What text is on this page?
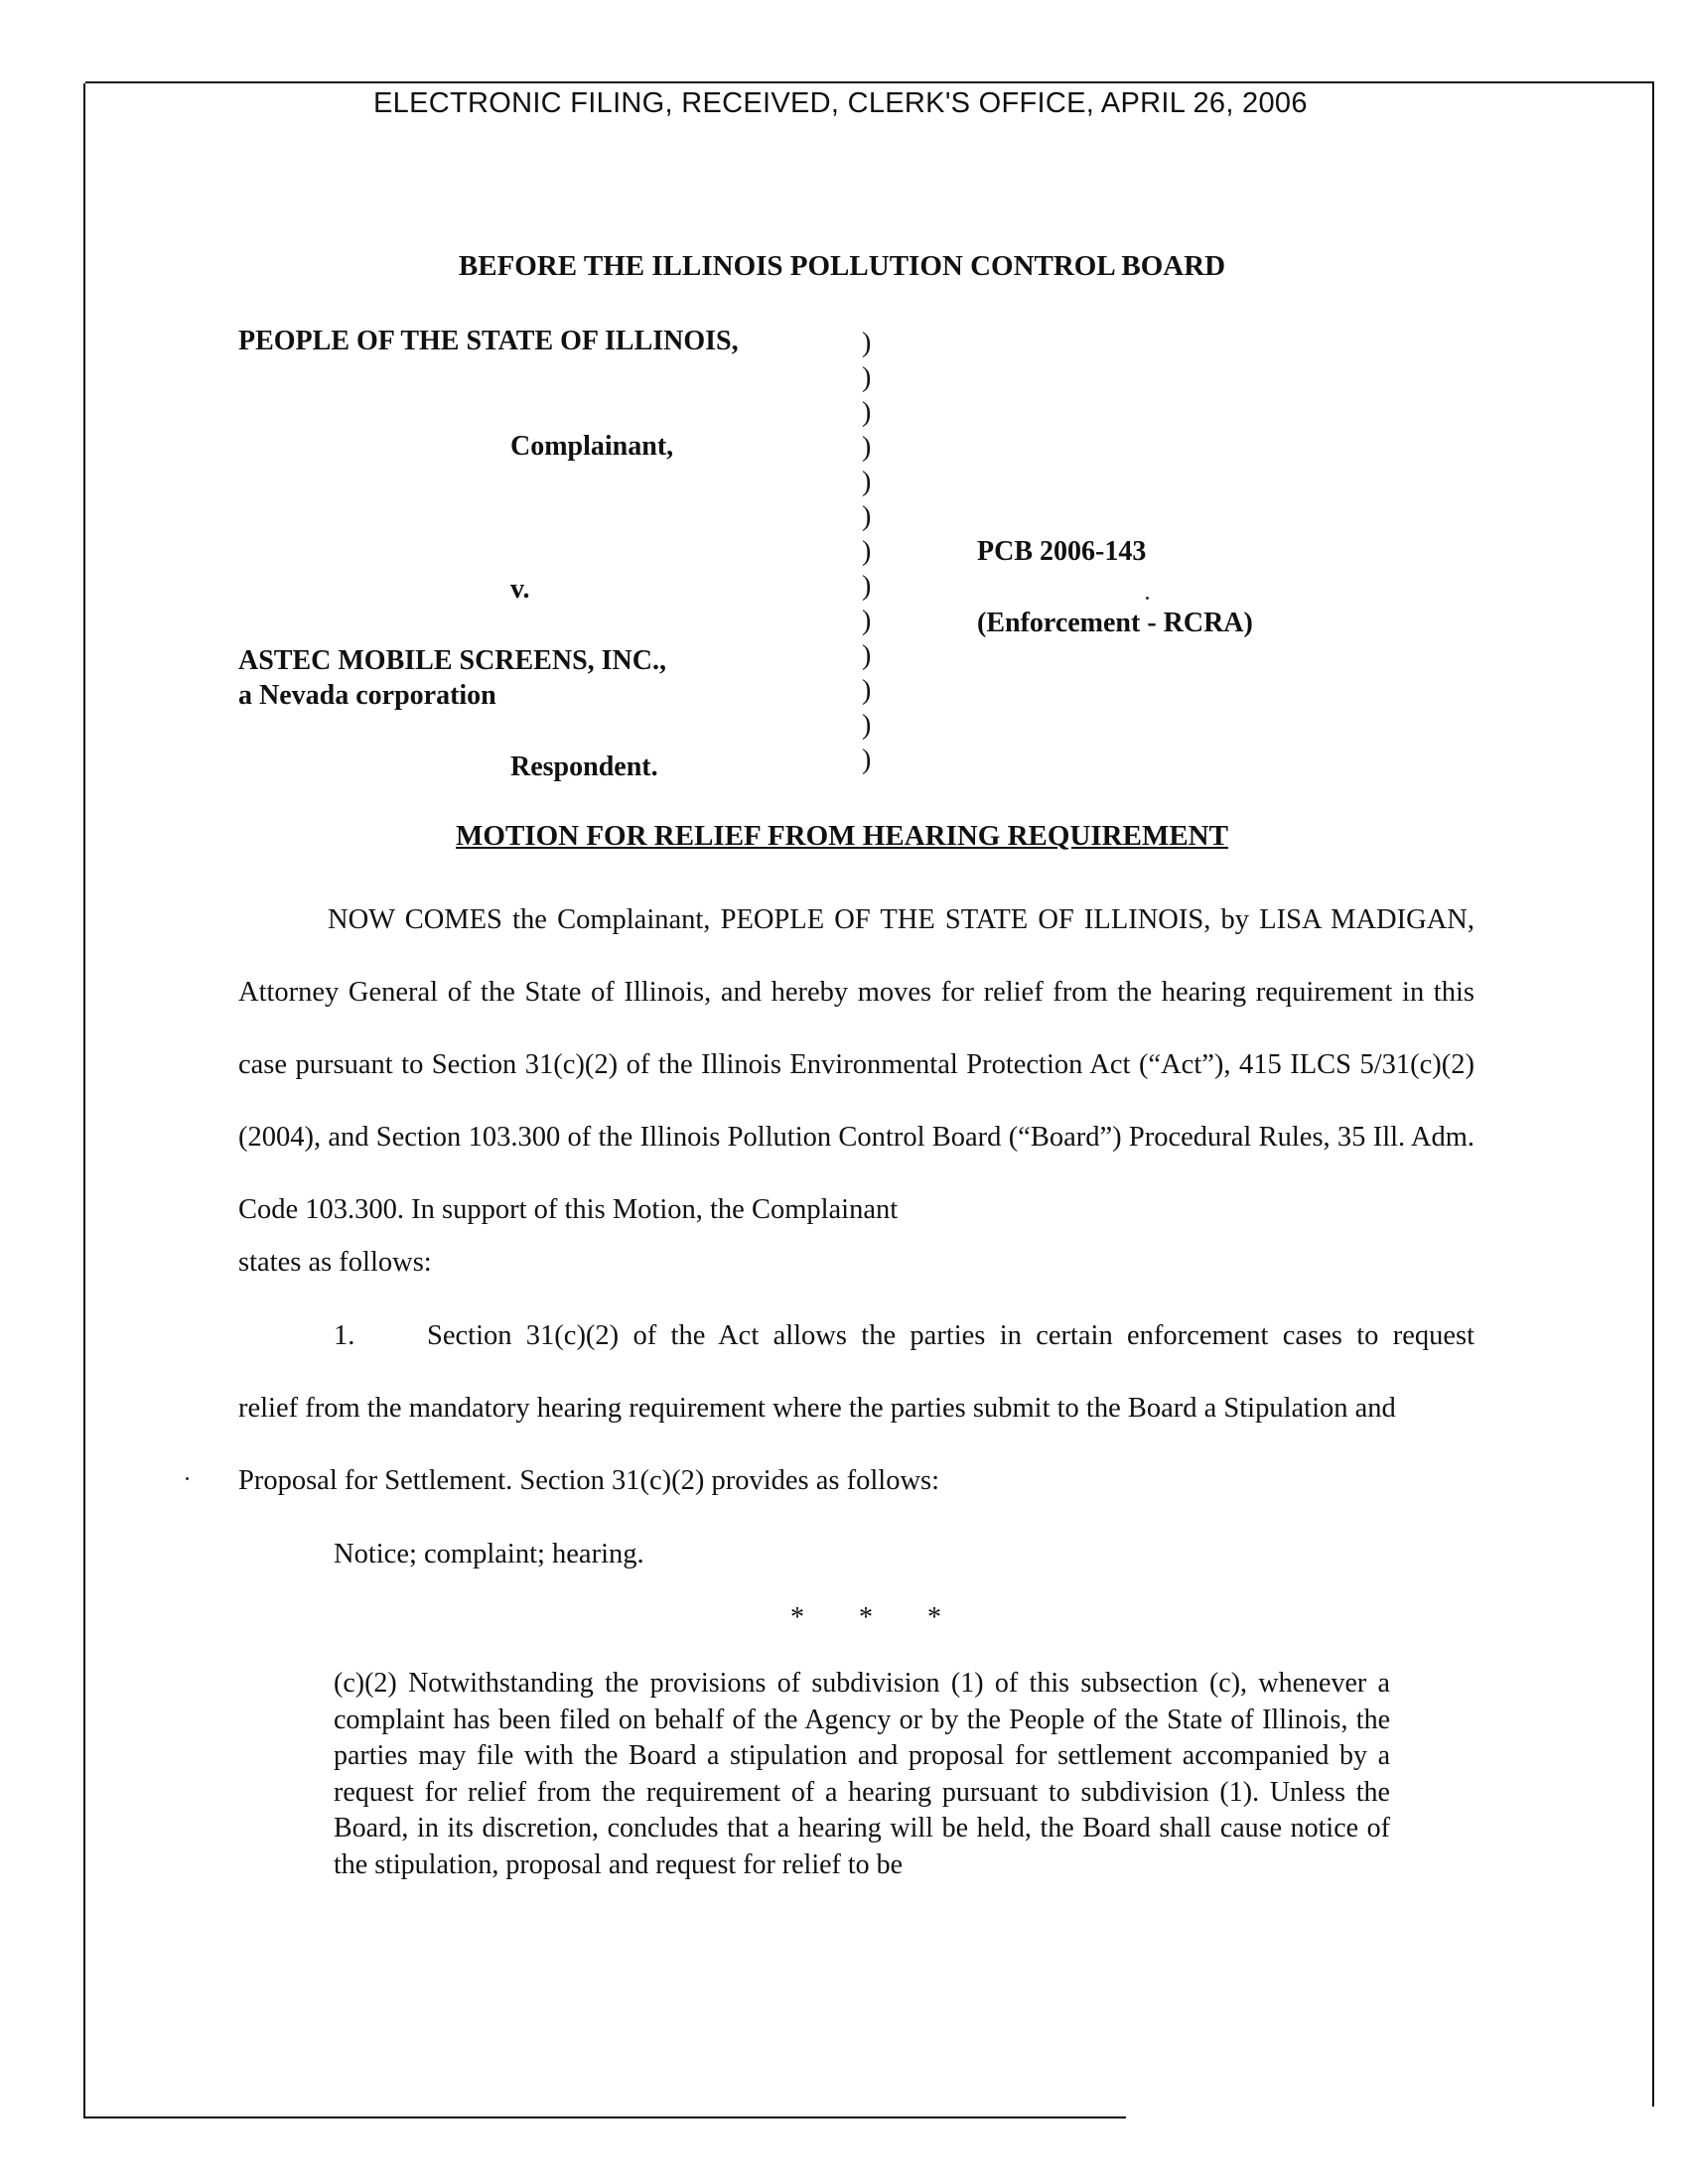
ELECTRONIC FILING, RECEIVED, CLERK'S OFFICE, APRIL 26, 2006
BEFORE THE ILLINOIS POLLUTION CONTROL BOARD
PEOPLE OF THE STATE OF ILLINOIS,
Complainant,
v.
ASTEC MOBILE SCREENS, INC.,
a Nevada corporation
Respondent.
PCB 2006-143
(Enforcement - RCRA)
)
)
)
)
)
)
)
)
)
)
)
)
)
MOTION FOR RELIEF FROM HEARING REQUIREMENT

NOW COMES the Complainant, PEOPLE OF THE STATE OF ILLINOIS, by LISA MADIGAN, Attorney General of the State of Illinois, and hereby moves for relief from the hearing requirement in this case pursuant to Section 31(c)(2) of the Illinois Environmental Protection Act (“Act”), 415 ILCS 5/31(c)(2) (2004), and Section 103.300 of the Illinois Pollution Control Board (“Board”) Procedural Rules, 35 Ill. Adm. Code 103.300. In support of this Motion, the Complainant

states as follows:
1.	Section 31(c)(2) of the Act allows the parties in certain enforcement cases to request
relief from the mandatory hearing requirement where the parties submit to the Board a Stipulation and
Proposal for Settlement. Section 31(c)(2) provides as follows:
Notice; complaint; hearing.
* * *
(c)(2) Notwithstanding the provisions of subdivision (1) of this subsection (c), whenever a complaint has been filed on behalf of the Agency or by the People of the State of Illinois, the parties may file with the Board a stipulation and proposal for settlement accompanied by a request for relief from the requirement of a hearing pursuant to subdivision (1). Unless the Board, in its discretion, concludes that a hearing will be held, the Board shall cause notice of the stipulation, proposal and request for relief to be
